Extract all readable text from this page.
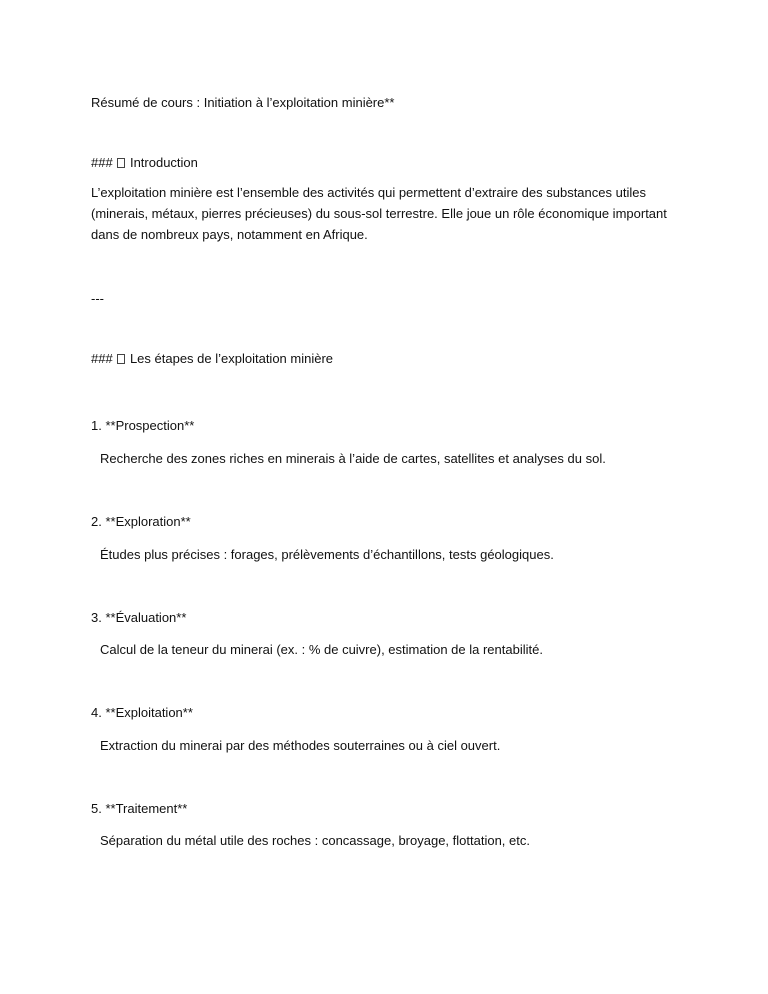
Résumé de cours : Initiation à l’exploitation minière**
### Introduction
L’exploitation minière est l’ensemble des activités qui permettent d’extraire des substances utiles (minerais, métaux, pierres précieuses) du sous-sol terrestre. Elle joue un rôle économique important dans de nombreux pays, notamment en Afrique.
---
### Les étapes de l’exploitation minière
1. **Prospection**
Recherche des zones riches en minerais à l’aide de cartes, satellites et analyses du sol.
2. **Exploration**
Études plus précises : forages, prélèvements d’échantillons, tests géologiques.
3. **Évaluation**
Calcul de la teneur du minerai (ex. : % de cuivre), estimation de la rentabilité.
4. **Exploitation**
Extraction du minerai par des méthodes souterraines ou à ciel ouvert.
5. **Traitement**
Séparation du métal utile des roches : concassage, broyage, flottation, etc.
